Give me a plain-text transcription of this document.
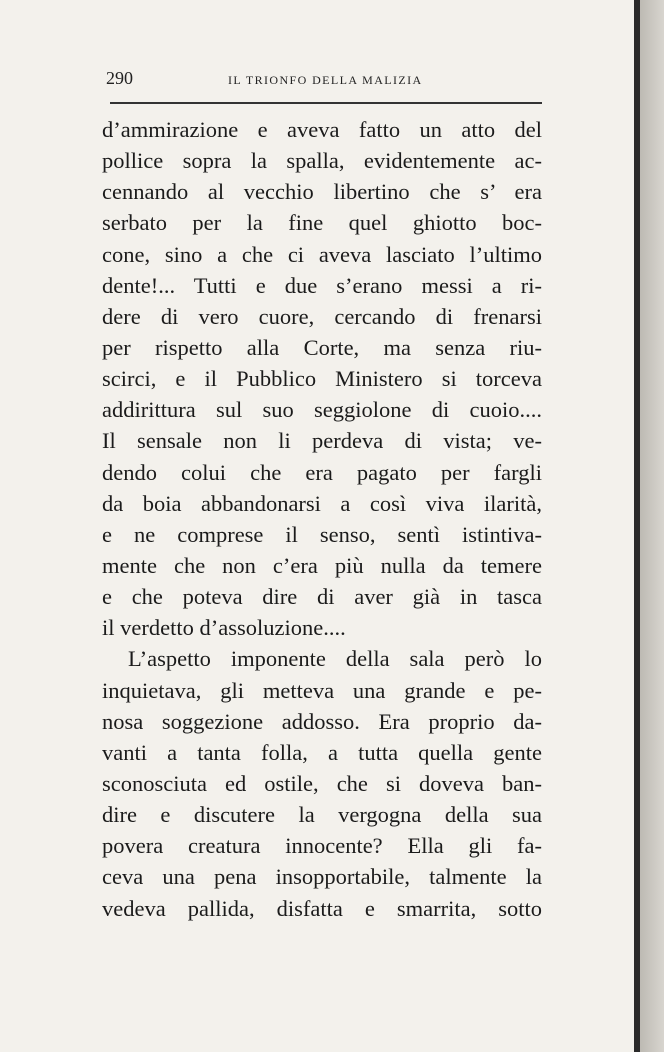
290	IL TRIONFO DELLA MALIZIA
d’ammirazione e aveva fatto un atto del
pollice sopra la spalla, evidentemente ac-
cennando al vecchio libertino che s’ era
serbato per la fine quel ghiotto boc-
cone, sino a che ci aveva lasciato l’ultimo
dente!... Tutti e due s’erano messi a ri-
dere di vero cuore, cercando di frenarsi
per rispetto alla Corte, ma senza riu-
scirci, e il Pubblico Ministero si torceva
addirittura sul suo seggiolone di cuoio....
Il sensale non li perdeva di vista; ve-
dendo colui che era pagato per fargli
da boia abbandonarsi a così viva ilarità,
e ne comprese il senso, sentì istintiva-
mente che non c’era più nulla da temere
e che poteva dire di aver già in tasca
il verdetto d’assoluzione....
L’aspetto imponente della sala però lo
inquietava, gli metteva una grande e pe-
nosa soggezione addosso. Era proprio da-
vanti a tanta folla, a tutta quella gente
sconosciuta ed ostile, che si doveva ban-
dire e discutere la vergogna della sua
povera creatura innocente? Ella gli fa-
ceva una pena insopportabile, talmente la
vedeva pallida, disfatta e smarrita, sotto
